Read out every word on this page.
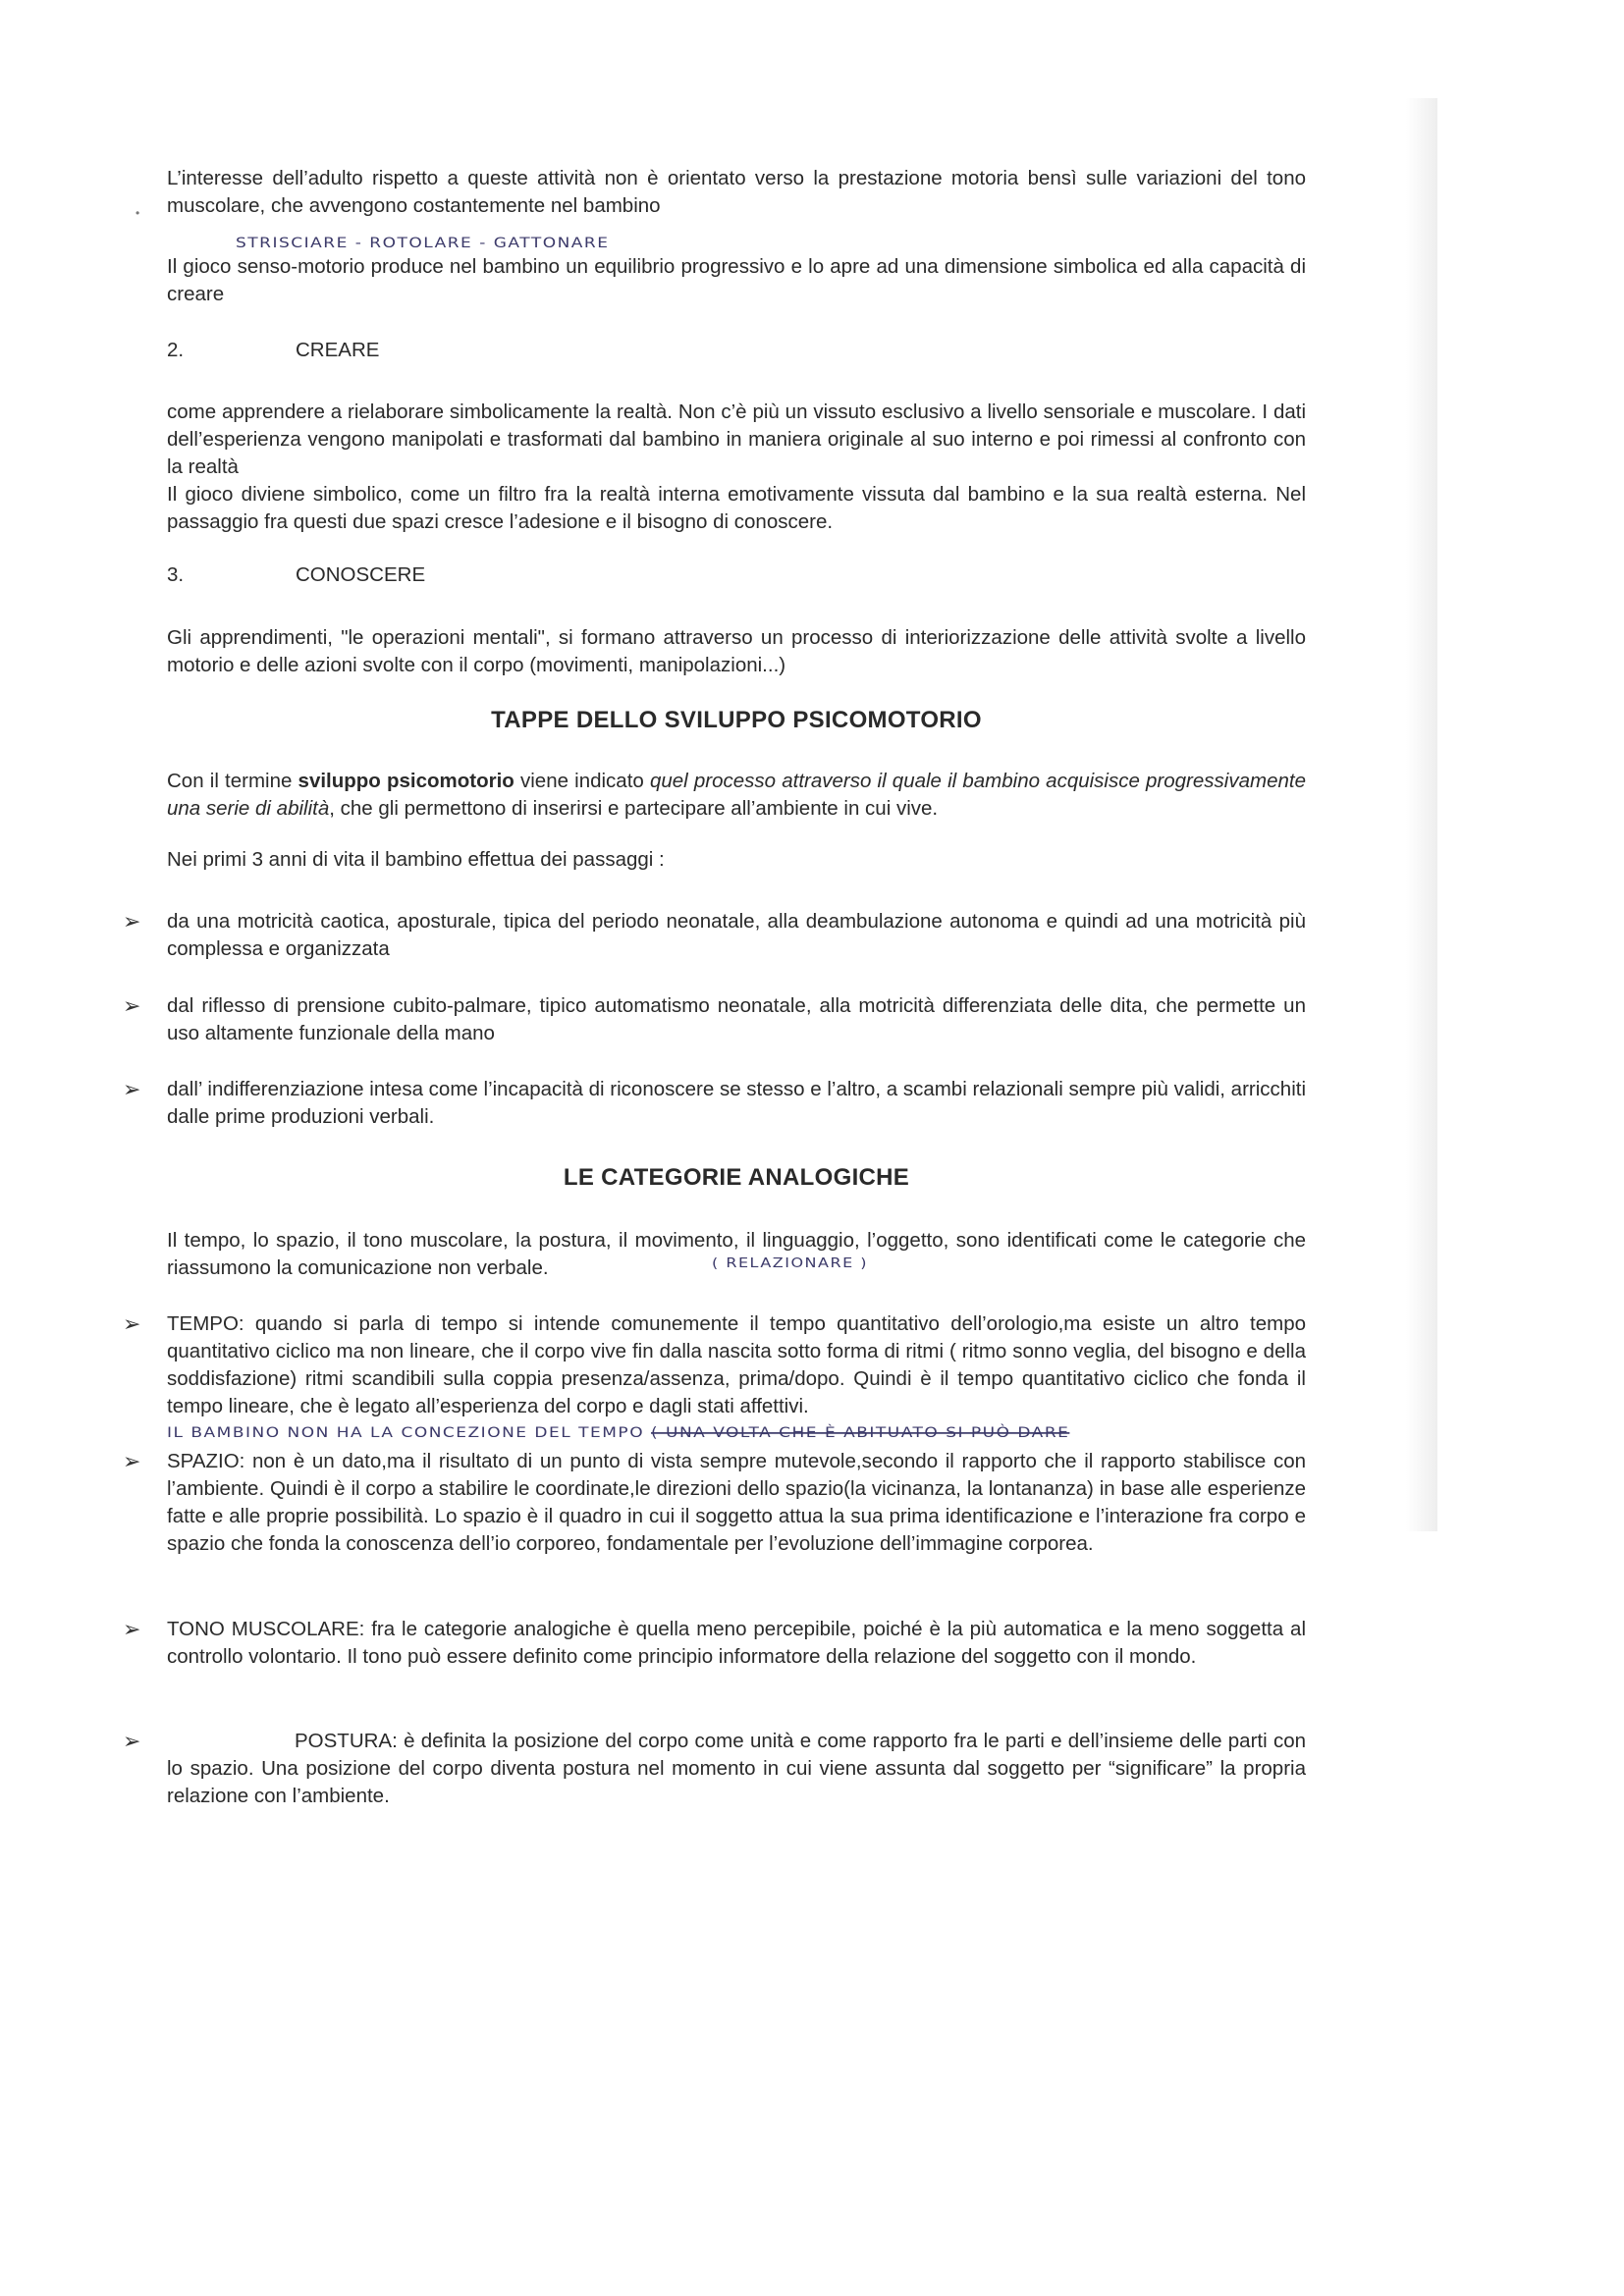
•

L’interesse dell’adulto rispetto a queste attività non è orientato verso la prestazione motoria bensì sulle variazioni del tono muscolare, che avvengono costantemente nel bambino

STRISCIARE - ROTOLARE - GATTONARE

Il gioco senso-motorio produce nel bambino un equilibrio progressivo e lo apre ad una dimensione simbolica ed alla capacità di creare

2.	CREARE

come apprendere a rielaborare simbolicamente la realtà. Non c’è più un vissuto esclusivo a livello sensoriale e muscolare. I dati dell’esperienza vengono manipolati e trasformati dal bambino in maniera originale al suo interno e poi rimessi al confronto con la realtà

Il gioco diviene simbolico, come un filtro fra la realtà interna emotivamente vissuta dal bambino e la sua realtà esterna. Nel passaggio fra questi due spazi cresce l’adesione e il bisogno di conoscere.

3.	CONOSCERE

Gli apprendimenti, "le operazioni mentali", si formano attraverso un processo di interiorizzazione delle attività svolte a livello motorio e delle azioni svolte con il corpo (movimenti, manipolazioni...)

TAPPE DELLO SVILUPPO PSICOMOTORIO

Con il termine sviluppo psicomotorio viene indicato quel processo attraverso il quale il bambino acquisisce progressivamente una serie di abilità, che gli permettono di inserirsi e partecipare all’ambiente in cui vive.

Nei primi 3 anni di vita il bambino effettua dei passaggi :

➢ da una motricità caotica, aposturale, tipica del periodo neonatale, alla deambulazione autonoma e quindi ad una motricità più complessa e organizzata

➢ dal riflesso di prensione cubito-palmare, tipico automatismo neonatale, alla motricità differenziata delle dita, che permette un uso altamente funzionale della mano

➢ dall’ indifferenziazione intesa come l’incapacità di riconoscere se stesso e l’altro, a scambi relazionali sempre più validi, arricchiti dalle prime produzioni verbali.

LE CATEGORIE ANALOGICHE

Il tempo, lo spazio, il tono muscolare, la postura, il movimento, il linguaggio, l’oggetto, sono identificati come le categorie che riassumono la comunicazione non verbale.	( RELAZIONARE )
➢ TEMPO: quando si parla di tempo si intende comunemente il tempo quantitativo dell’orologio,ma esiste un altro tempo quantitativo ciclico ma non lineare, che il corpo vive fin dalla nascita sotto forma di ritmi ( ritmo sonno veglia, del bisogno e della soddisfazione) ritmi scandibili sulla coppia presenza/assenza, prima/dopo. Quindi è il tempo quantitativo ciclico che fonda il tempo lineare, che è legato all’esperienza del corpo e dagli stati affettivi.

IL BAMBINO NON HA LA CONCEZIONE DEL TEMPO ( UNA VOLTA CHE È ABITUATO SI PUÒ DARE
➢ SPAZIO: non è un dato,ma il risultato di un punto di vista sempre mutevole,secondo il rapporto che il rapporto stabilisce con l’ambiente. Quindi è il corpo a stabilire le coordinate,le direzioni dello spazio(la vicinanza, la lontananza) in base alle esperienze fatte e alle proprie possibilità. Lo spazio è il quadro in cui il soggetto attua la sua prima identificazione e l’interazione fra corpo e spazio che fonda la conoscenza dell’io corporeo, fondamentale per l’evoluzione dell’immagine corporea.

➢ TONO MUSCOLARE: fra le categorie analogiche è quella meno percepibile, poiché è la più automatica e la meno soggetta al controllo volontario. Il tono può essere definito come principio informatore della relazione del soggetto con il mondo.

➢	POSTURA: è definita la posizione del corpo come unità e come rapporto fra le parti e dell’insieme delle parti con lo spazio. Una posizione del corpo diventa postura nel momento in cui viene assunta dal soggetto per “significare” la propria relazione con l’ambiente.
